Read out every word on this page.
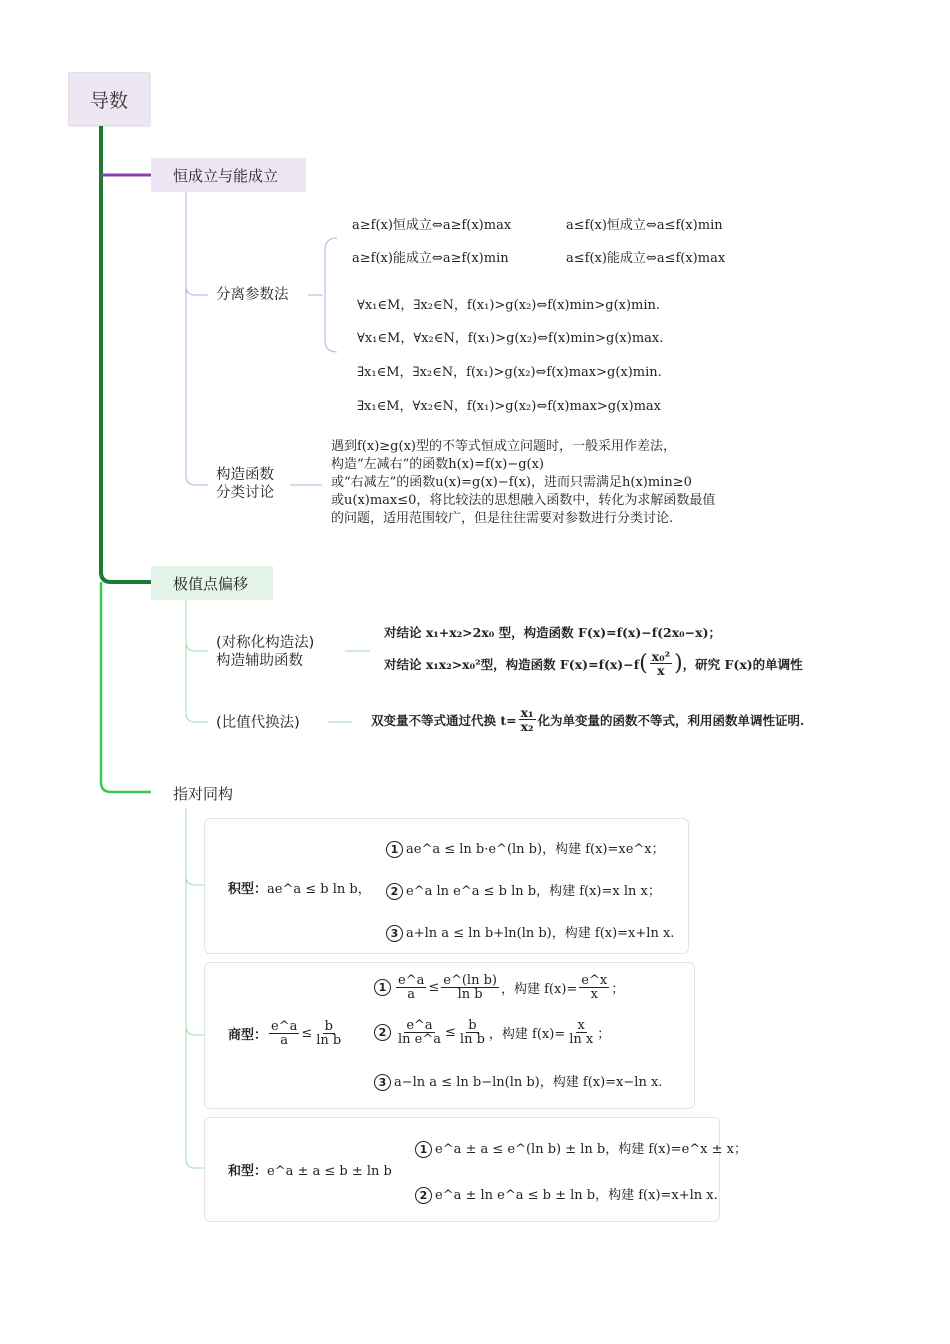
导数
恒成立与能成立
分离参数法
a≥f(x)恒成立⇔a≥f(x)max	a≤f(x)恒成立⇔a≤f(x)min
a≥f(x)能成立⇔a≥f(x)min	a≤f(x)能成立⇔a≤f(x)max
∀x₁∈M，∃x₂∈N，f(x₁)>g(x₂)⇔f(x)min>g(x)min.
∀x₁∈M，∀x₂∈N，f(x₁)>g(x₂)⇔f(x)min>g(x)max.
∃x₁∈M，∃x₂∈N，f(x₁)>g(x₂)⇔f(x)max>g(x)min.
∃x₁∈M，∀x₂∈N，f(x₁)>g(x₂)⇔f(x)max>g(x)max
构造函数
分类讨论
遇到f(x)≥g(x)型的不等式恒成立问题时，一般采用作差法，
构造“左减右”的函数h(x)=f(x)−g(x)
或“右减左”的函数u(x)=g(x)−f(x)，进而只需满足h(x)min≥0
或u(x)max≤0，将比较法的思想融入函数中，转化为求解函数最值
的问题，适用范围较广，但是往往需要对参数进行分类讨论.
极值点偏移
(对称化构造法)
构造辅助函数
对结论 x₁+x₂>2x₀ 型，构造函数 F(x)=f(x)−f(2x₀−x)；
对结论 x₁x₂>x₀²型，构造函数 F(x)=f(x)−f ( $\frac{\text{x₀²}}{x}$ ) ，研究 F(x)的单调性
(比值代换法)	双变量不等式通过代换 $t= \frac{\text{x₁}}{\text{x₂}}$ 化为单变量的函数不等式，利用函数单调性证明.
指对同构
积型：ae^a ≤ b ln b，
1 ae^a ≤ ln b·e^(ln b)，构建 f(x)=xe^x；
2 e^a ln e^a ≤ b ln b，构建 f(x)=x ln x；
3 a+ln a ≤ ln b+ln(ln b)，构建 f(x)=x+ln x.
商型： $\frac{e\^{}a}{a} \le \frac{b}{\text{ln b}}$
$1 \frac{e\^{}a}{a} \le \frac{\text{e\textasciicircum{}(ln b)}}{\text{ln b}}$ ，构建 $f(x)= \frac{e\^{}x}{x}$ ；
$2 \frac{e\^{}a}{\text{ln e\textasciicircum{}a}} \le \frac{b}{\text{ln b}}$ ，构建 $f(x)= \frac{x}{\text{ln x}}$ ；
3 a−ln a ≤ ln b−ln(ln b)，构建 f(x)=x−ln x.
和型：e^a ± a ≤ b ± ln b
1 e^a ± a ≤ e^(ln b) ± ln b，构建 f(x)=e^x ± x；
2 e^a ± ln e^a ≤ b ± ln b，构建 f(x)=x+ln x.
